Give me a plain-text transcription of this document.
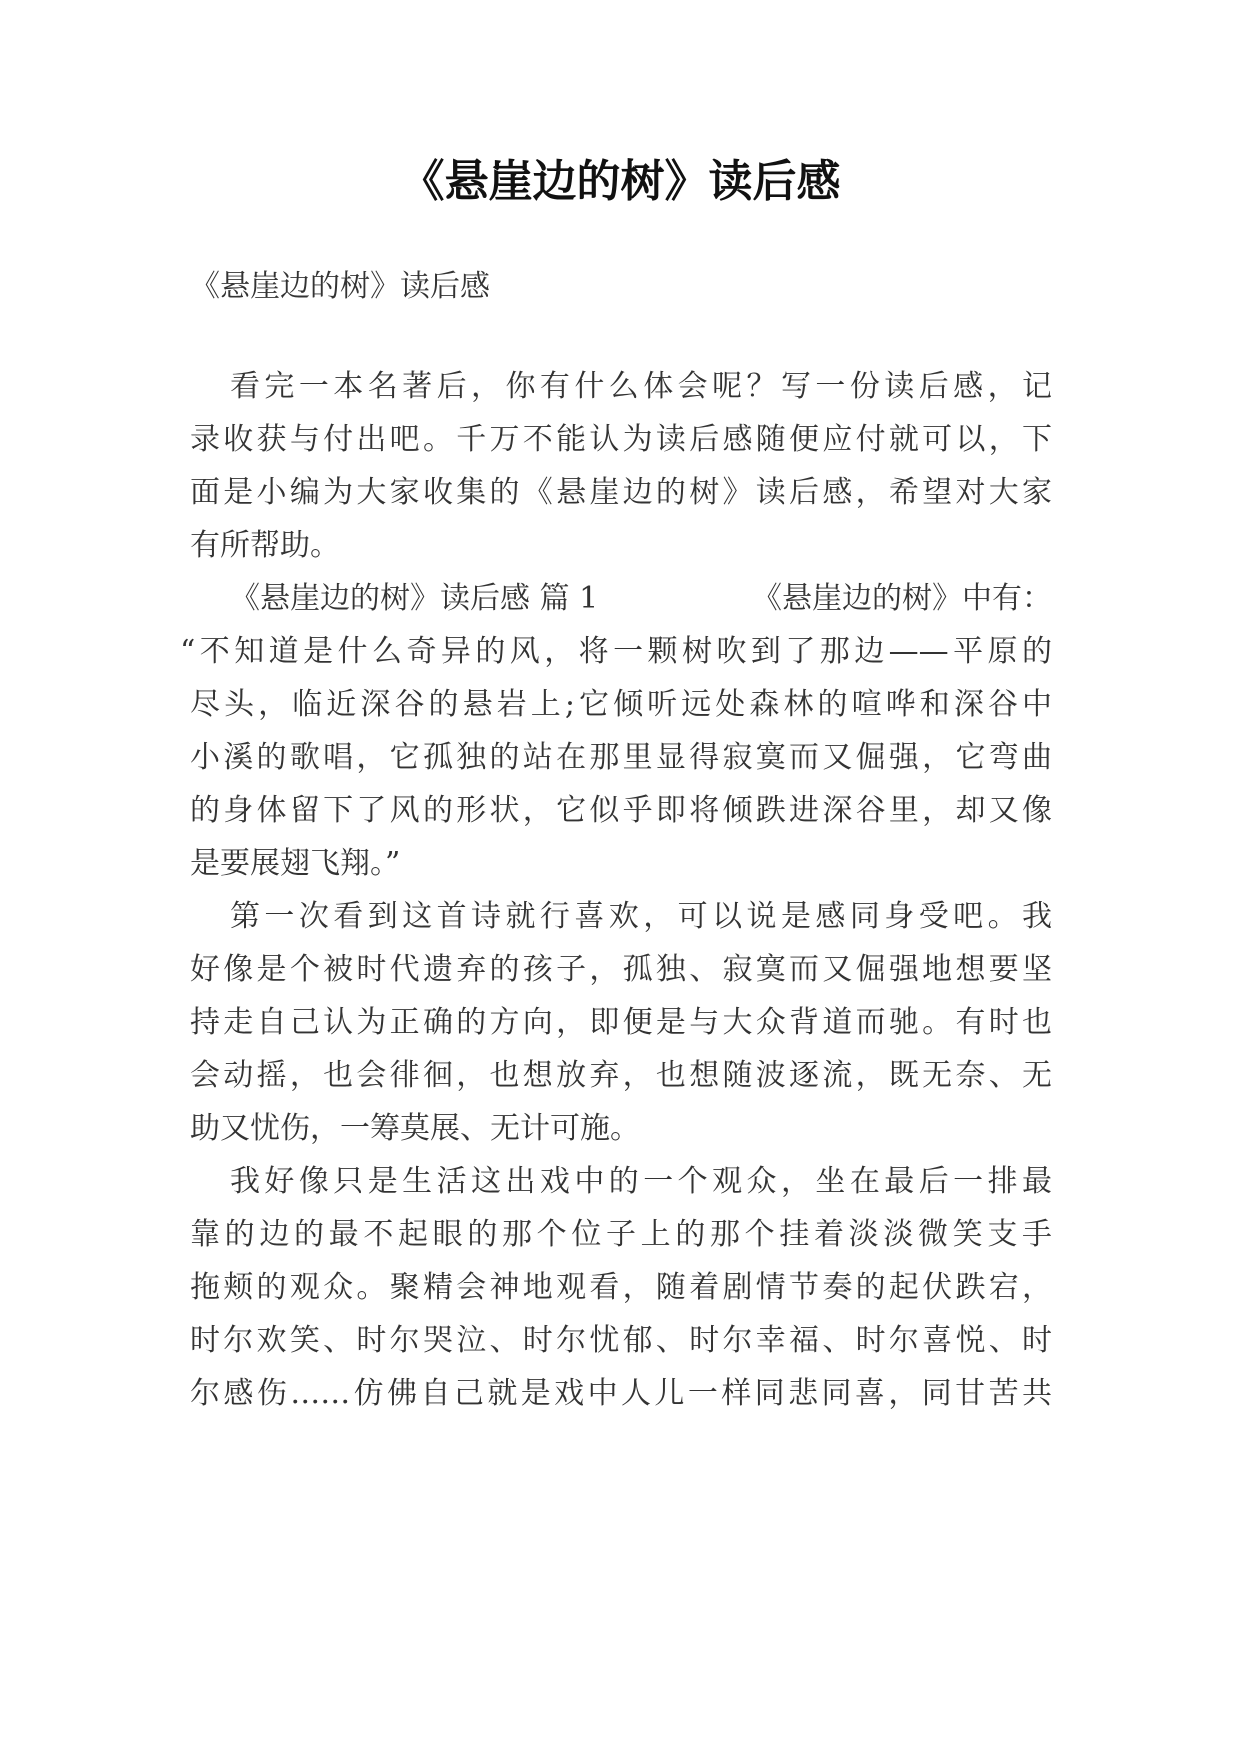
《悬崖边的树》读后感
《悬崖边的树》读后感
看完一本名著后，你有什么体会呢？写一份读后感，记
录收获与付出吧。千万不能认为读后感随便应付就可以，下
面是小编为大家收集的《悬崖边的树》读后感，希望对大家
有所帮助。
《悬崖边的树》读后感 篇 1	《悬崖边的树》中有：
“不知道是什么奇异的风，将一颗树吹到了那边——平原的
尽头，临近深谷的悬岩上;它倾听远处森林的喧哗和深谷中
小溪的歌唱，它孤独的站在那里显得寂寞而又倔强，它弯曲
的身体留下了风的形状，它似乎即将倾跌进深谷里，却又像
是要展翅飞翔。”
第一次看到这首诗就行喜欢，可以说是感同身受吧。我
好像是个被时代遗弃的孩子，孤独、寂寞而又倔强地想要坚
持走自己认为正确的方向，即便是与大众背道而驰。有时也
会动摇，也会徘徊，也想放弃，也想随波逐流，既无奈、无
助又忧伤，一筹莫展、无计可施。
我好像只是生活这出戏中的一个观众，坐在最后一排最
靠的边的最不起眼的那个位子上的那个挂着淡淡微笑支手
拖颊的观众。聚精会神地观看，随着剧情节奏的起伏跌宕，
时尔欢笑、时尔哭泣、时尔忧郁、时尔幸福、时尔喜悦、时
尔感伤……仿佛自己就是戏中人儿一样同悲同喜，同甘苦共
